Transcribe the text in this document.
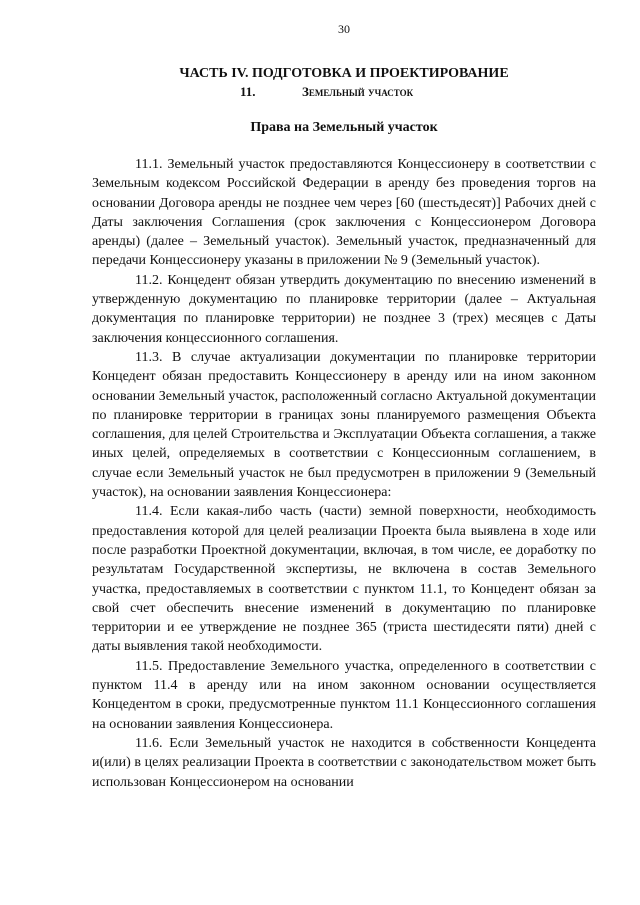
30
ЧАСТЬ IV. ПОДГОТОВКА И ПРОЕКТИРОВАНИЕ
11.	Земельный участок
Права на Земельный участок

11.1. Земельный участок предоставляются Концессионеру в соответствии с Земельным кодексом Российской Федерации в аренду без проведения торгов на основании Договора аренды не позднее чем через [60 (шестьдесят)] Рабочих дней с Даты заключения Соглашения (срок заключения с Концессионером Договора аренды) (далее – Земельный участок). Земельный участок, предназначенный для передачи Концессионеру указаны в приложении № 9 (Земельный участок).

11.2. Концедент обязан утвердить документацию по внесению изменений в утвержденную документацию по планировке территории (далее – Актуальная документация по планировке территории) не позднее 3 (трех) месяцев с Даты заключения концессионного соглашения.

11.3. В случае актуализации документации по планировке территории Концедент обязан предоставить Концессионеру в аренду или на ином законном основании Земельный участок, расположенный согласно Актуальной документации по планировке территории в границах зоны планируемого размещения Объекта соглашения, для целей Строительства и Эксплуатации Объекта соглашения, а также иных целей, определяемых в соответствии с Концессионным соглашением, в случае если Земельный участок не был предусмотрен в приложении 9 (Земельный участок), на основании заявления Концессионера:

11.4. Если какая-либо часть (части) земной поверхности, необходимость предоставления которой для целей реализации Проекта была выявлена в ходе или после разработки Проектной документации, включая, в том числе, ее доработку по результатам Государственной экспертизы, не включена в состав Земельного участка, предоставляемых в соответствии с пунктом 11.1, то Концедент обязан за свой счет обеспечить внесение изменений в документацию по планировке территории и ее утверждение не позднее 365 (триста шестидесяти пяти) дней с даты выявления такой необходимости.

11.5. Предоставление Земельного участка, определенного в соответствии с пунктом 11.4 в аренду или на ином законном основании осуществляется Концедентом в сроки, предусмотренные пунктом 11.1 Концессионного соглашения на основании заявления Концессионера.

11.6. Если Земельный участок не находится в собственности Концедента и(или) в целях реализации Проекта в соответствии с законодательством может быть использован Концессионером на основании
